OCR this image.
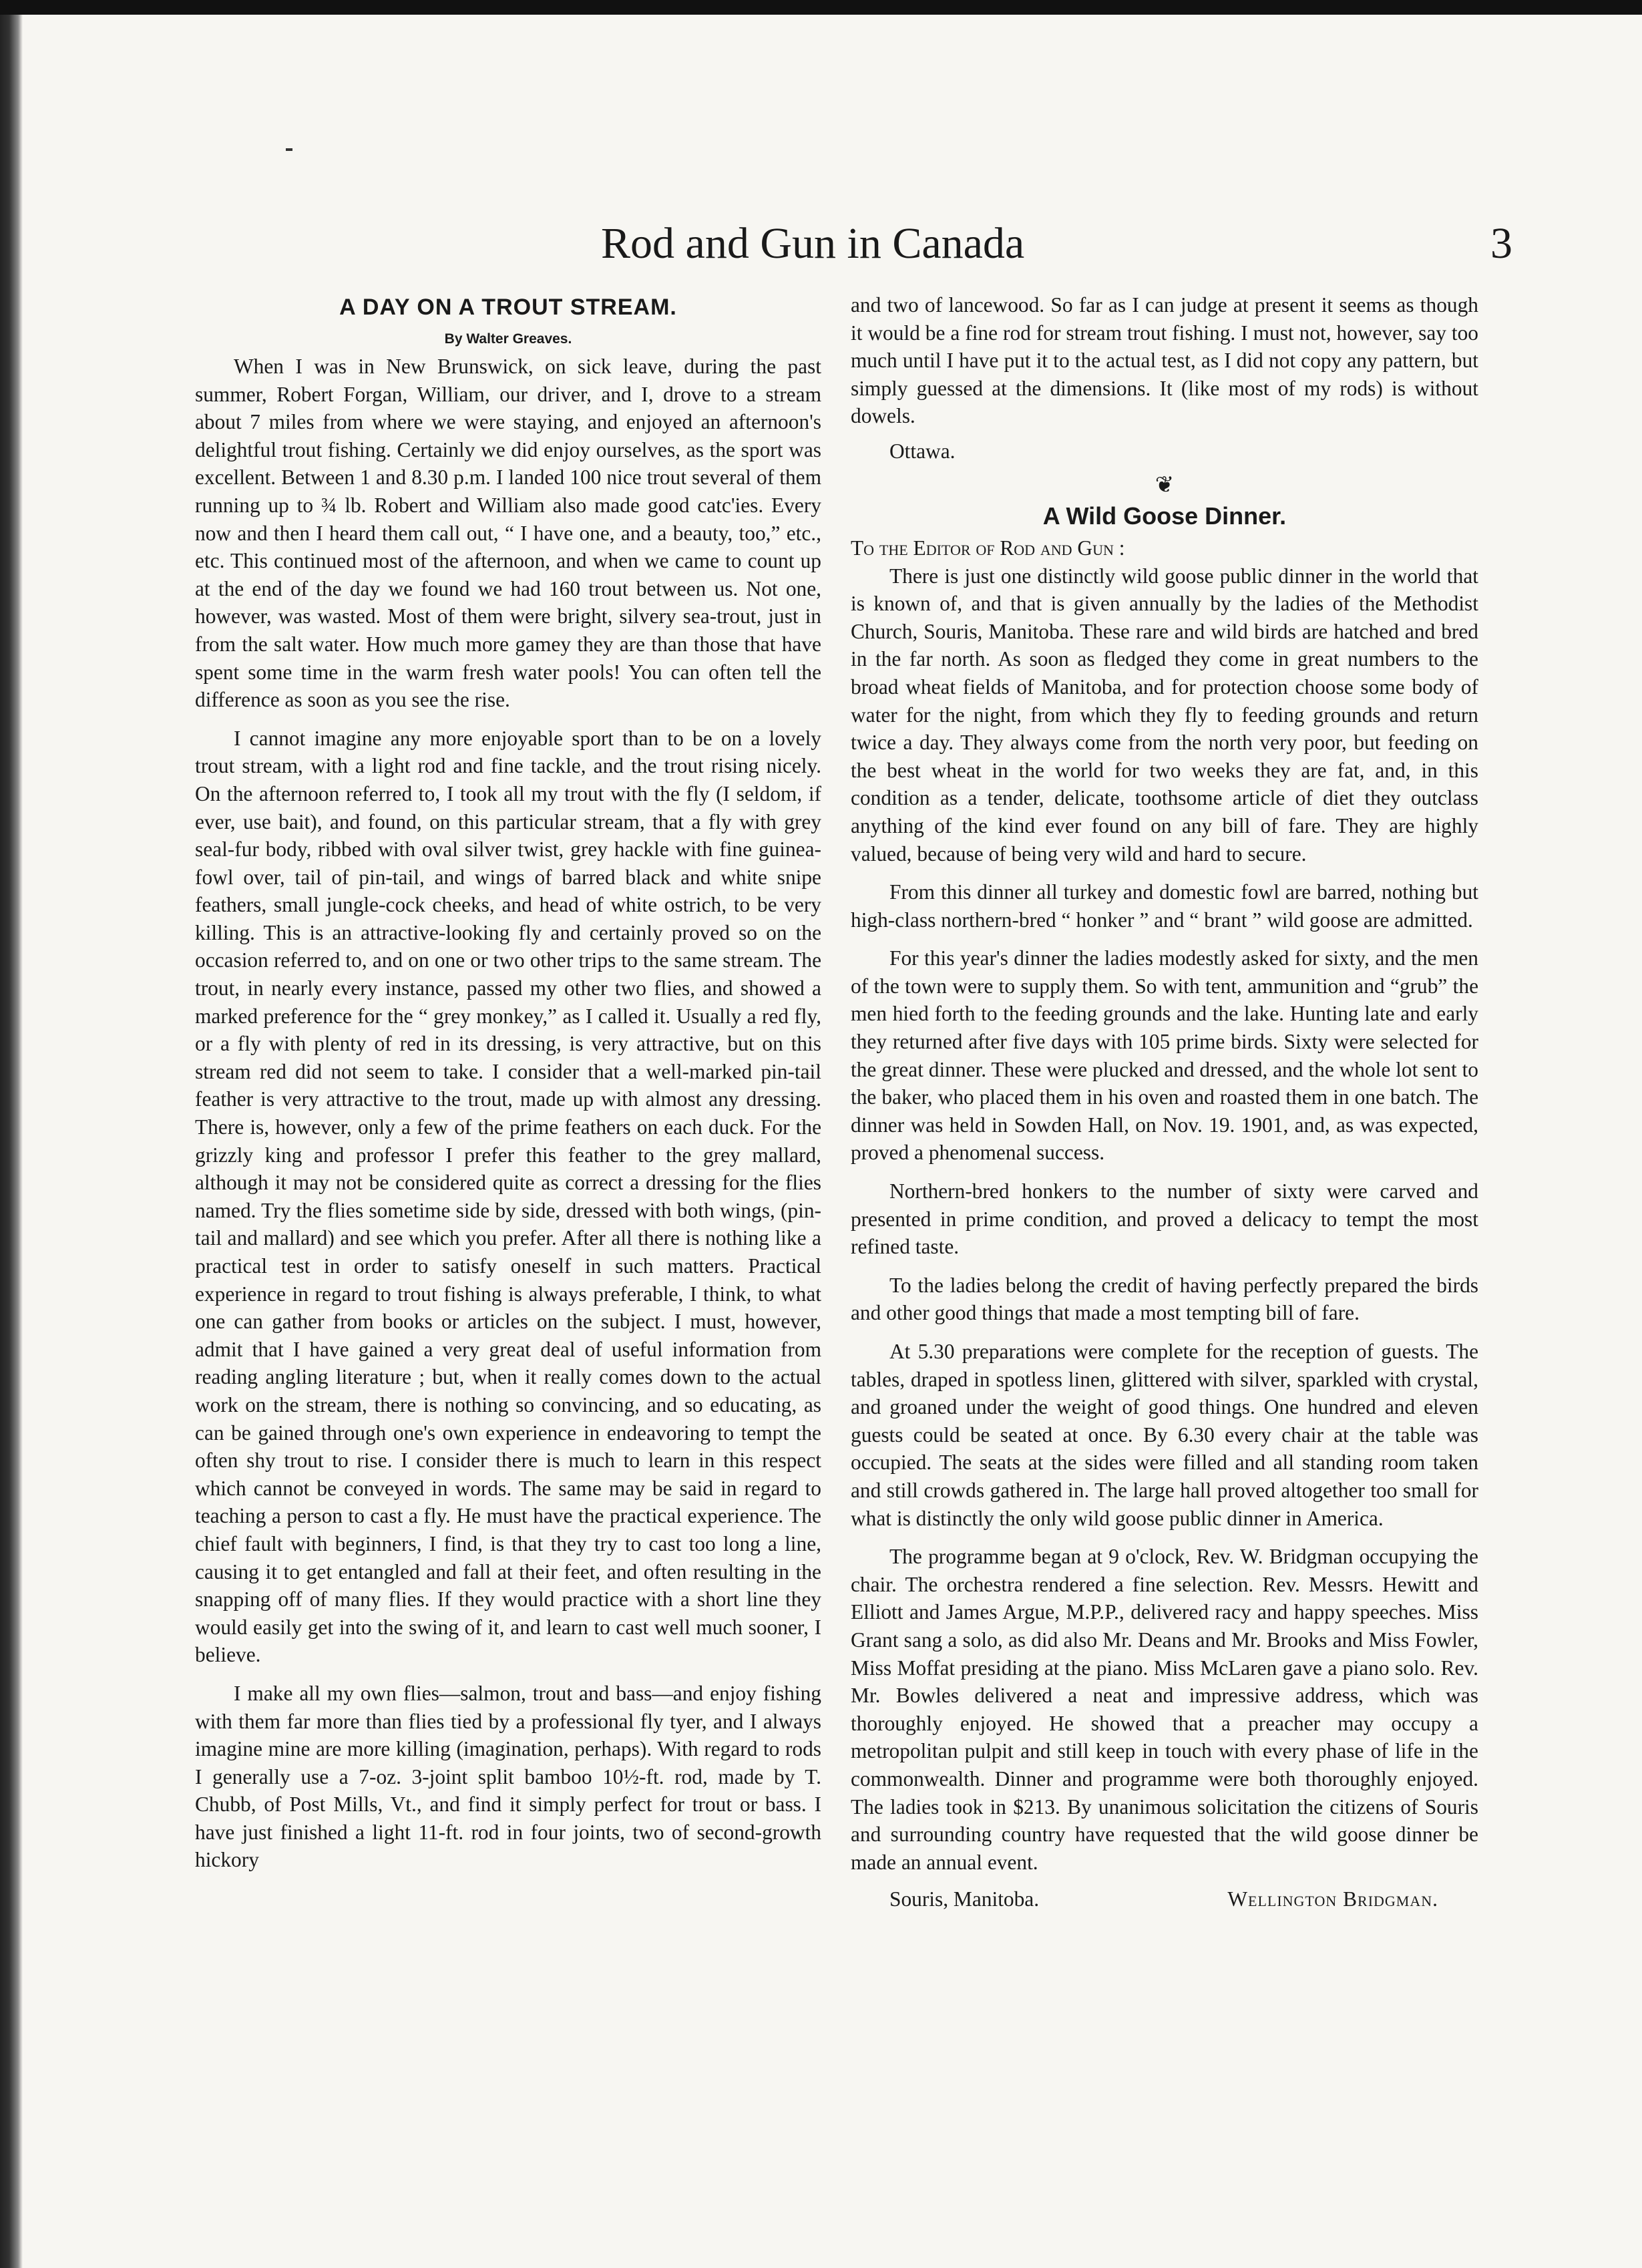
Rod and Gun in Canada	3
A DAY ON A TROUT STREAM.
By Walter Greaves.

When I was in New Brunswick, on sick leave, during the past summer, Robert Forgan, William, our driver, and I, drove to a stream about 7 miles from where we were staying, and enjoyed an afternoon's delightful trout fishing. Certainly we did enjoy ourselves, as the sport was excellent. Between 1 and 8.30 p.m. I landed 100 nice trout several of them running up to ¾ lb. Robert and William also made good catc'ies. Every now and then I heard them call out, “ I have one, and a beauty, too,” etc., etc. This continued most of the afternoon, and when we came to count up at the end of the day we found we had 160 trout between us. Not one, however, was wasted. Most of them were bright, silvery sea-trout, just in from the salt water. How much more gamey they are than those that have spent some time in the warm fresh water pools! You can often tell the difference as soon as you see the rise.

I cannot imagine any more enjoyable sport than to be on a lovely trout stream, with a light rod and fine tackle, and the trout rising nicely. On the afternoon referred to, I took all my trout with the fly (I seldom, if ever, use bait), and found, on this particular stream, that a fly with grey seal-fur body, ribbed with oval silver twist, grey hackle with fine guinea-fowl over, tail of pin-tail, and wings of barred black and white snipe feathers, small jungle-cock cheeks, and head of white ostrich, to be very killing. This is an attractive-looking fly and certainly proved so on the occasion referred to, and on one or two other trips to the same stream. The trout, in nearly every instance, passed my other two flies, and showed a marked preference for the “ grey monkey,” as I called it. Usually a red fly, or a fly with plenty of red in its dressing, is very attractive, but on this stream red did not seem to take. I consider that a well-marked pin-tail feather is very attractive to the trout, made up with almost any dressing. There is, however, only a few of the prime feathers on each duck. For the grizzly king and professor I prefer this feather to the grey mallard, although it may not be considered quite as correct a dressing for the flies named. Try the flies sometime side by side, dressed with both wings, (pin-tail and mallard) and see which you prefer. After all there is nothing like a practical test in order to satisfy oneself in such matters. Practical experience in regard to trout fishing is always preferable, I think, to what one can gather from books or articles on the subject. I must, however, admit that I have gained a very great deal of useful information from reading angling literature ; but, when it really comes down to the actual work on the stream, there is nothing so convincing, and so educating, as can be gained through one's own experience in endeavoring to tempt the often shy trout to rise. I consider there is much to learn in this respect which cannot be conveyed in words. The same may be said in regard to teaching a person to cast a fly. He must have the practical experience. The chief fault with beginners, I find, is that they try to cast too long a line, causing it to get entangled and fall at their feet, and often resulting in the snapping off of many flies. If they would practice with a short line they would easily get into the swing of it, and learn to cast well much sooner, I believe.

I make all my own flies—salmon, trout and bass—and enjoy fishing with them far more than flies tied by a professional fly tyer, and I always imagine mine are more killing (imagination, perhaps). With regard to rods I generally use a 7-oz. 3-joint split bamboo 10½-ft. rod, made by T. Chubb, of Post Mills, Vt., and find it simply perfect for trout or bass. I have just finished a light 11-ft. rod in four joints, two of second-growth hickory

and two of lancewood. So far as I can judge at present it seems as though it would be a fine rod for stream trout fishing. I must not, however, say too much until I have put it to the actual test, as I did not copy any pattern, but simply guessed at the dimensions. It (like most of my rods) is without dowels.

Ottawa.

❦
A Wild Goose Dinner.

To the Editor of Rod and Gun :

There is just one distinctly wild goose public dinner in the world that is known of, and that is given annually by the ladies of the Methodist Church, Souris, Manitoba. These rare and wild birds are hatched and bred in the far north. As soon as fledged they come in great numbers to the broad wheat fields of Manitoba, and for protection choose some body of water for the night, from which they fly to feeding grounds and return twice a day. They always come from the north very poor, but feeding on the best wheat in the world for two weeks they are fat, and, in this condition as a tender, delicate, toothsome article of diet they outclass anything of the kind ever found on any bill of fare. They are highly valued, because of being very wild and hard to secure.

From this dinner all turkey and domestic fowl are barred, nothing but high-class northern-bred “ honker ” and “ brant ” wild goose are admitted.

For this year's dinner the ladies modestly asked for sixty, and the men of the town were to supply them. So with tent, ammunition and “grub” the men hied forth to the feeding grounds and the lake. Hunting late and early they returned after five days with 105 prime birds. Sixty were selected for the great dinner. These were plucked and dressed, and the whole lot sent to the baker, who placed them in his oven and roasted them in one batch. The dinner was held in Sowden Hall, on Nov. 19. 1901, and, as was expected, proved a phenomenal success.

Northern-bred honkers to the number of sixty were carved and presented in prime condition, and proved a delicacy to tempt the most refined taste.

To the ladies belong the credit of having perfectly prepared the birds and other good things that made a most tempting bill of fare.

At 5.30 preparations were complete for the reception of guests. The tables, draped in spotless linen, glittered with silver, sparkled with crystal, and groaned under the weight of good things. One hundred and eleven guests could be seated at once. By 6.30 every chair at the table was occupied. The seats at the sides were filled and all standing room taken and still crowds gathered in. The large hall proved altogether too small for what is distinctly the only wild goose public dinner in America.

The programme began at 9 o'clock, Rev. W. Bridgman occupying the chair. The orchestra rendered a fine selection. Rev. Messrs. Hewitt and Elliott and James Argue, M.P.P., delivered racy and happy speeches. Miss Grant sang a solo, as did also Mr. Deans and Mr. Brooks and Miss Fowler, Miss Moffat presiding at the piano. Miss McLaren gave a piano solo. Rev. Mr. Bowles delivered a neat and impressive address, which was thoroughly enjoyed. He showed that a preacher may occupy a metropolitan pulpit and still keep in touch with every phase of life in the commonwealth. Dinner and programme were both thoroughly enjoyed. The ladies took in $213. By unanimous solicitation the citizens of Souris and surrounding country have requested that the wild goose dinner be made an annual event.

Souris, Manitoba.	Wellington Bridgman.
